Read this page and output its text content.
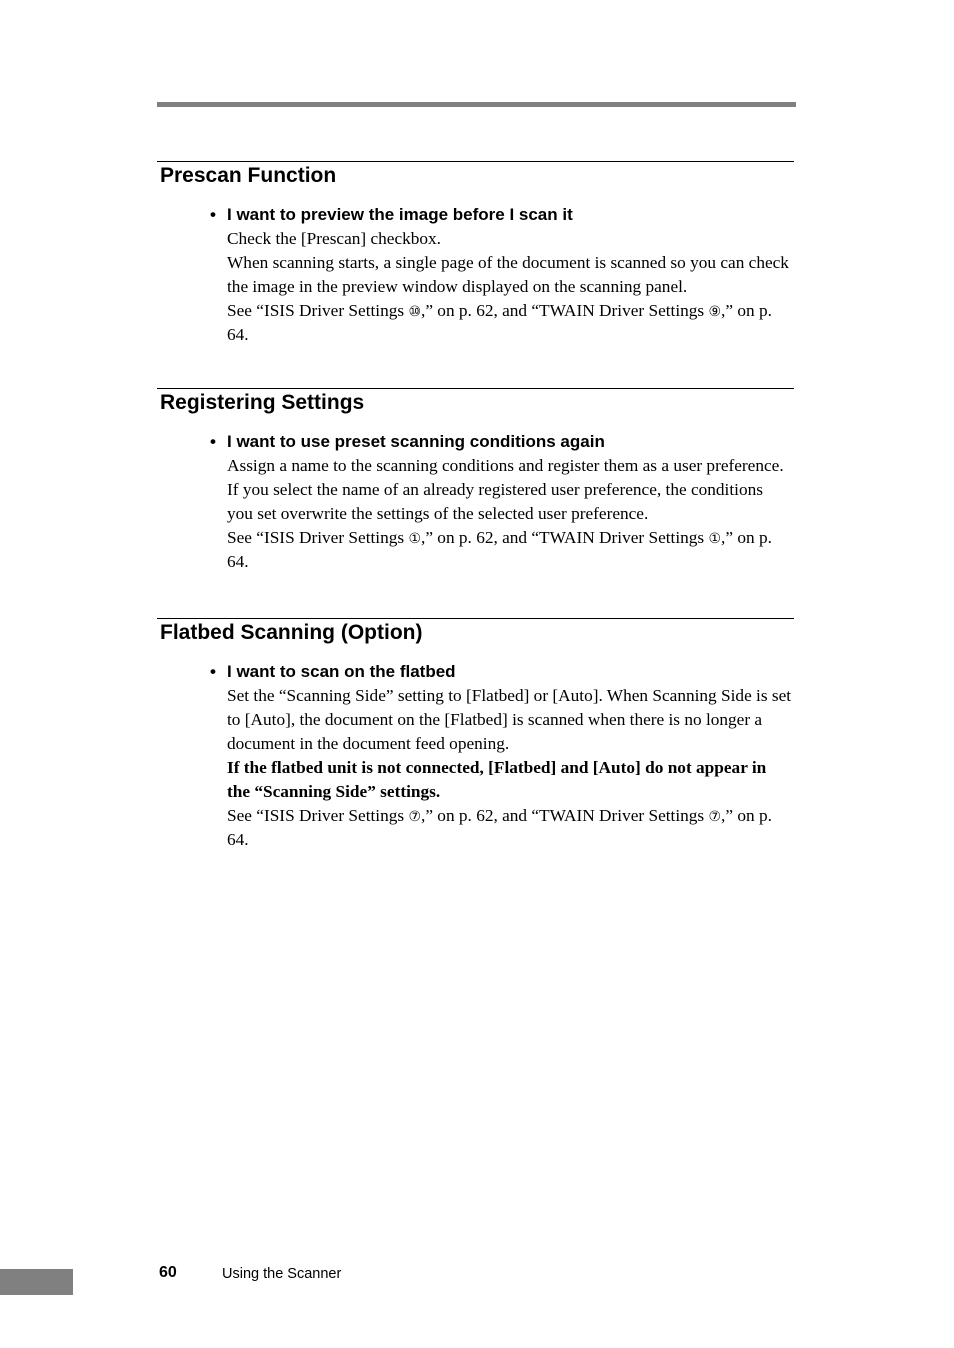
Prescan Function
• I want to preview the image before I scan it

Check the [Prescan] checkbox.

When scanning starts, a single page of the document is scanned so you can check the image in the preview window displayed on the scanning panel.

See “ISIS Driver Settings ⑩,” on p. 62, and “TWAIN Driver Settings ⑨,” on p. 64.

Registering Settings
• I want to use preset scanning conditions again

Assign a name to the scanning conditions and register them as a user preference. If you select the name of an already registered user preference, the conditions you set overwrite the settings of the selected user preference.

See “ISIS Driver Settings ①,” on p. 62, and “TWAIN Driver Settings ①,” on p. 64.

Flatbed Scanning (Option)
• I want to scan on the flatbed

Set the “Scanning Side” setting to [Flatbed] or [Auto]. When Scanning Side is set to [Auto], the document on the [Flatbed] is scanned when there is no longer a document in the document feed opening.

If the flatbed unit is not connected, [Flatbed] and [Auto] do not appear in the “Scanning Side” settings.

See “ISIS Driver Settings ⑦,” on p. 62, and “TWAIN Driver Settings ⑦,” on p. 64.

60	Using the Scanner
